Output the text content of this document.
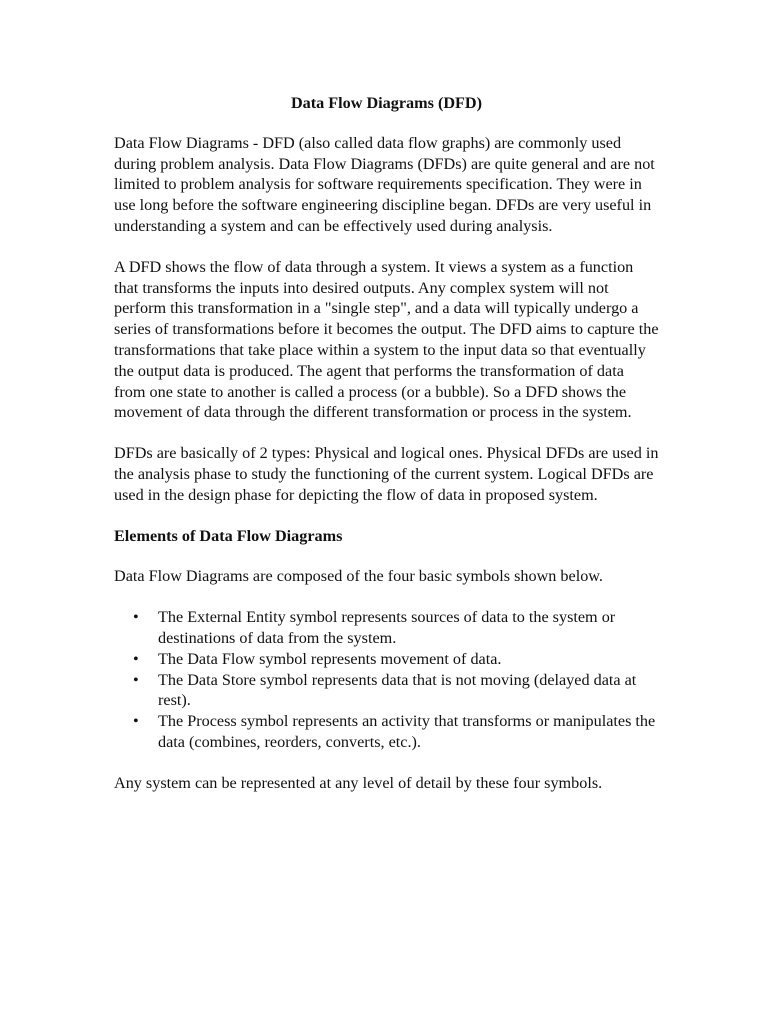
Data Flow Diagrams (DFD)

Data Flow Diagrams - DFD (also called data flow graphs) are commonly used during problem analysis. Data Flow Diagrams (DFDs) are quite general and are not limited to problem analysis for software requirements specification. They were in use long before the software engineering discipline began. DFDs are very useful in understanding a system and can be effectively used during analysis.

A DFD shows the flow of data through a system. It views a system as a function that transforms the inputs into desired outputs. Any complex system will not perform this transformation in a "single step", and a data will typically undergo a series of transformations before it becomes the output. The DFD aims to capture the transformations that take place within a system to the input data so that eventually the output data is produced. The agent that performs the transformation of data from one state to another is called a process (or a bubble). So a DFD shows the movement of data through the different transformation or process in the system.

DFDs are basically of 2 types: Physical and logical ones. Physical DFDs are used in the analysis phase to study the functioning of the current system. Logical DFDs are used in the design phase for depicting the flow of data in proposed system.

Elements of Data Flow Diagrams

Data Flow Diagrams are composed of the four basic symbols shown below.

• The External Entity symbol represents sources of data to the system or destinations of data from the system.
• The Data Flow symbol represents movement of data.
• The Data Store symbol represents data that is not moving (delayed data at rest).
• The Process symbol represents an activity that transforms or manipulates the data (combines, reorders, converts, etc.).

Any system can be represented at any level of detail by these four symbols.
